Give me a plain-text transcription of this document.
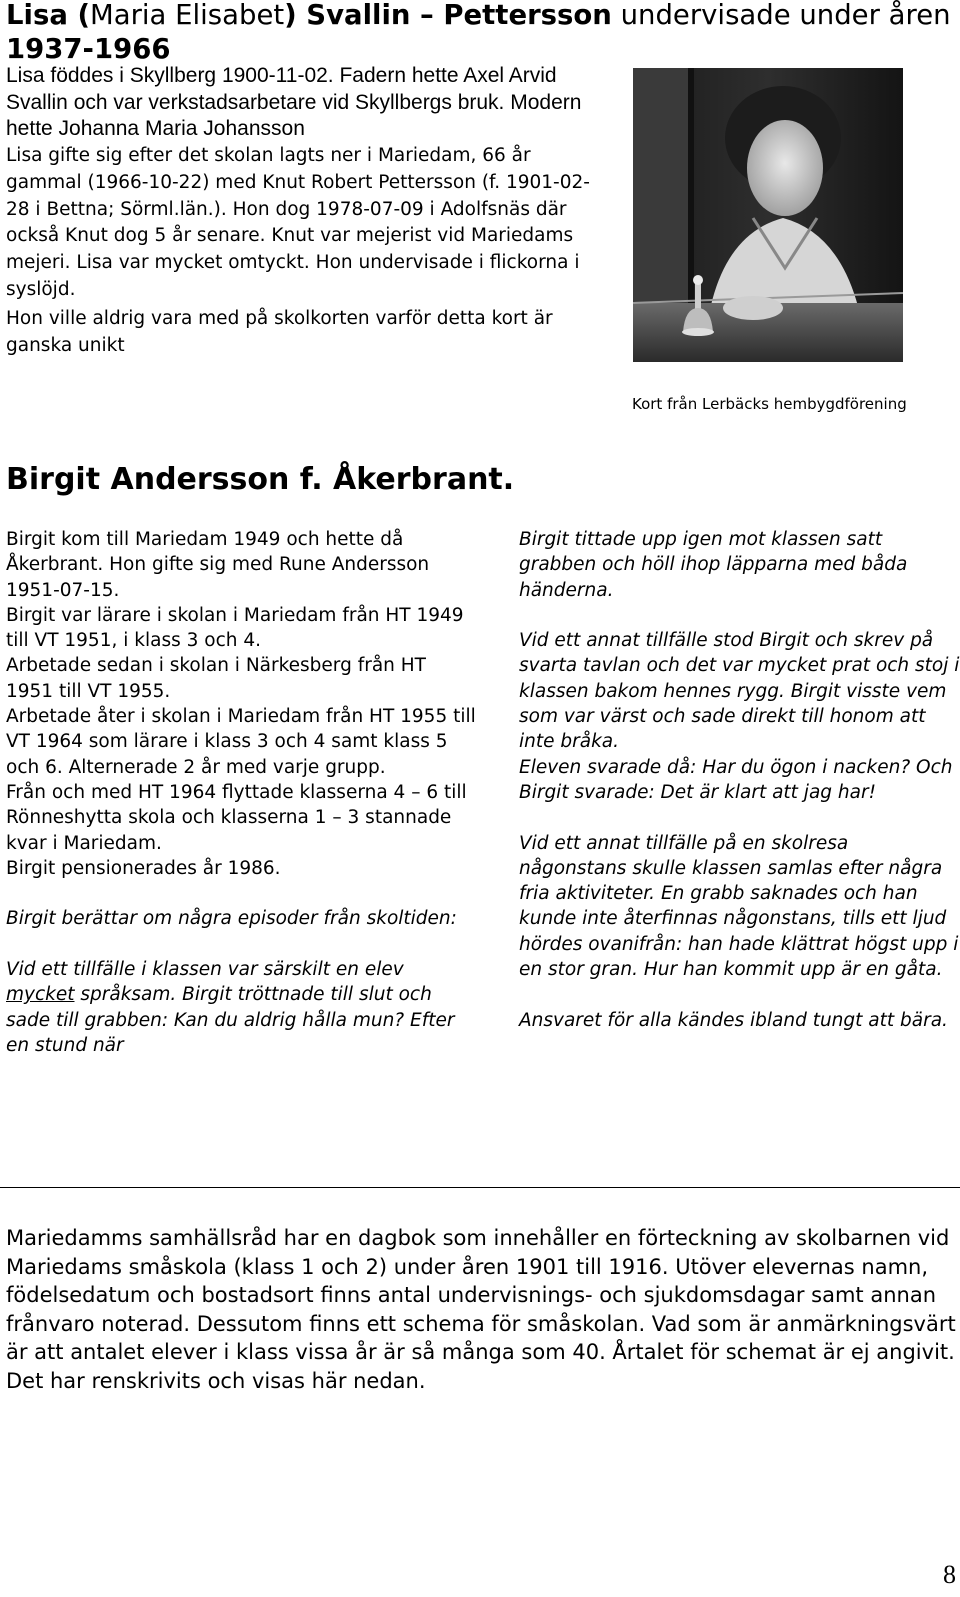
Lisa (Maria Elisabet) Svallin – Pettersson undervisade under åren 1937-1966

Lisa föddes i Skyllberg 1900-11-02. Fadern hette Axel Arvid Svallin och var verkstadsarbetare vid Skyllbergs bruk. Modern hette Johanna Maria Johansson

Lisa gifte sig efter det skolan lagts ner i Mariedam, 66 år gammal (1966-10-22) med Knut Robert Pettersson (f. 1901-02-28 i Bettna; Sörml.län.). Hon dog 1978-07-09 i Adolfsnäs där också Knut dog 5 år senare. Knut var mejerist vid Mariedams mejeri. Lisa var mycket omtyckt. Hon undervisade i flickorna i syslöjd.

Hon ville aldrig vara med på skolkorten varför detta kort är ganska unikt

Kort från Lerbäcks hembygdförening
Birgit Andersson f. Åkerbrant.

Birgit kom till Mariedam 1949 och hette då Åkerbrant. Hon gifte sig med Rune Andersson 1951-07-15.

Birgit var lärare i skolan i Mariedam från HT 1949 till VT 1951, i klass 3 och 4.

Arbetade sedan i skolan i Närkesberg från HT 1951 till VT 1955.

Arbetade åter i skolan i Mariedam från HT 1955 till VT 1964 som lärare i klass 3 och 4 samt klass 5 och 6. Alternerade 2 år med varje grupp.

Från och med HT 1964 flyttade klasserna 4 – 6 till Rönneshytta skola och klasserna 1 – 3 stannade kvar i Mariedam.

Birgit pensionerades år 1986.

Birgit berättar om några episoder från skoltiden:

Vid ett tillfälle i klassen var särskilt en elev mycket språksam. Birgit tröttnade till slut och sade till grabben: Kan du aldrig hålla mun? Efter en stund när

Birgit tittade upp igen mot klassen satt grabben och höll ihop läpparna med båda händerna.

Vid ett annat tillfälle stod Birgit och skrev på svarta tavlan och det var mycket prat och stoj i klassen bakom hennes rygg. Birgit visste vem som var värst och sade direkt till honom att inte bråka.

Eleven svarade då: Har du ögon i nacken? Och Birgit svarade: Det är klart att jag har!

Vid ett annat tillfälle på en skolresa någonstans skulle klassen samlas efter några fria aktiviteter. En grabb saknades och han kunde inte återfinnas någonstans, tills ett ljud hördes ovanifrån: han hade klättrat högst upp i en stor gran. Hur han kommit upp är en gåta.

Ansvaret för alla kändes ibland tungt att bära.

Mariedamms samhällsråd har en dagbok som innehåller en förteckning av skolbarnen vid Mariedams småskola (klass 1 och 2) under åren 1901 till 1916. Utöver elevernas namn, födelsedatum och bostadsort finns antal undervisnings- och sjukdomsdagar samt annan frånvaro noterad. Dessutom finns ett schema för småskolan. Vad som är anmärkningsvärt är att antalet elever i klass vissa år är så många som 40. Årtalet för schemat är ej angivit. Det har renskrivits och visas här nedan.

8
